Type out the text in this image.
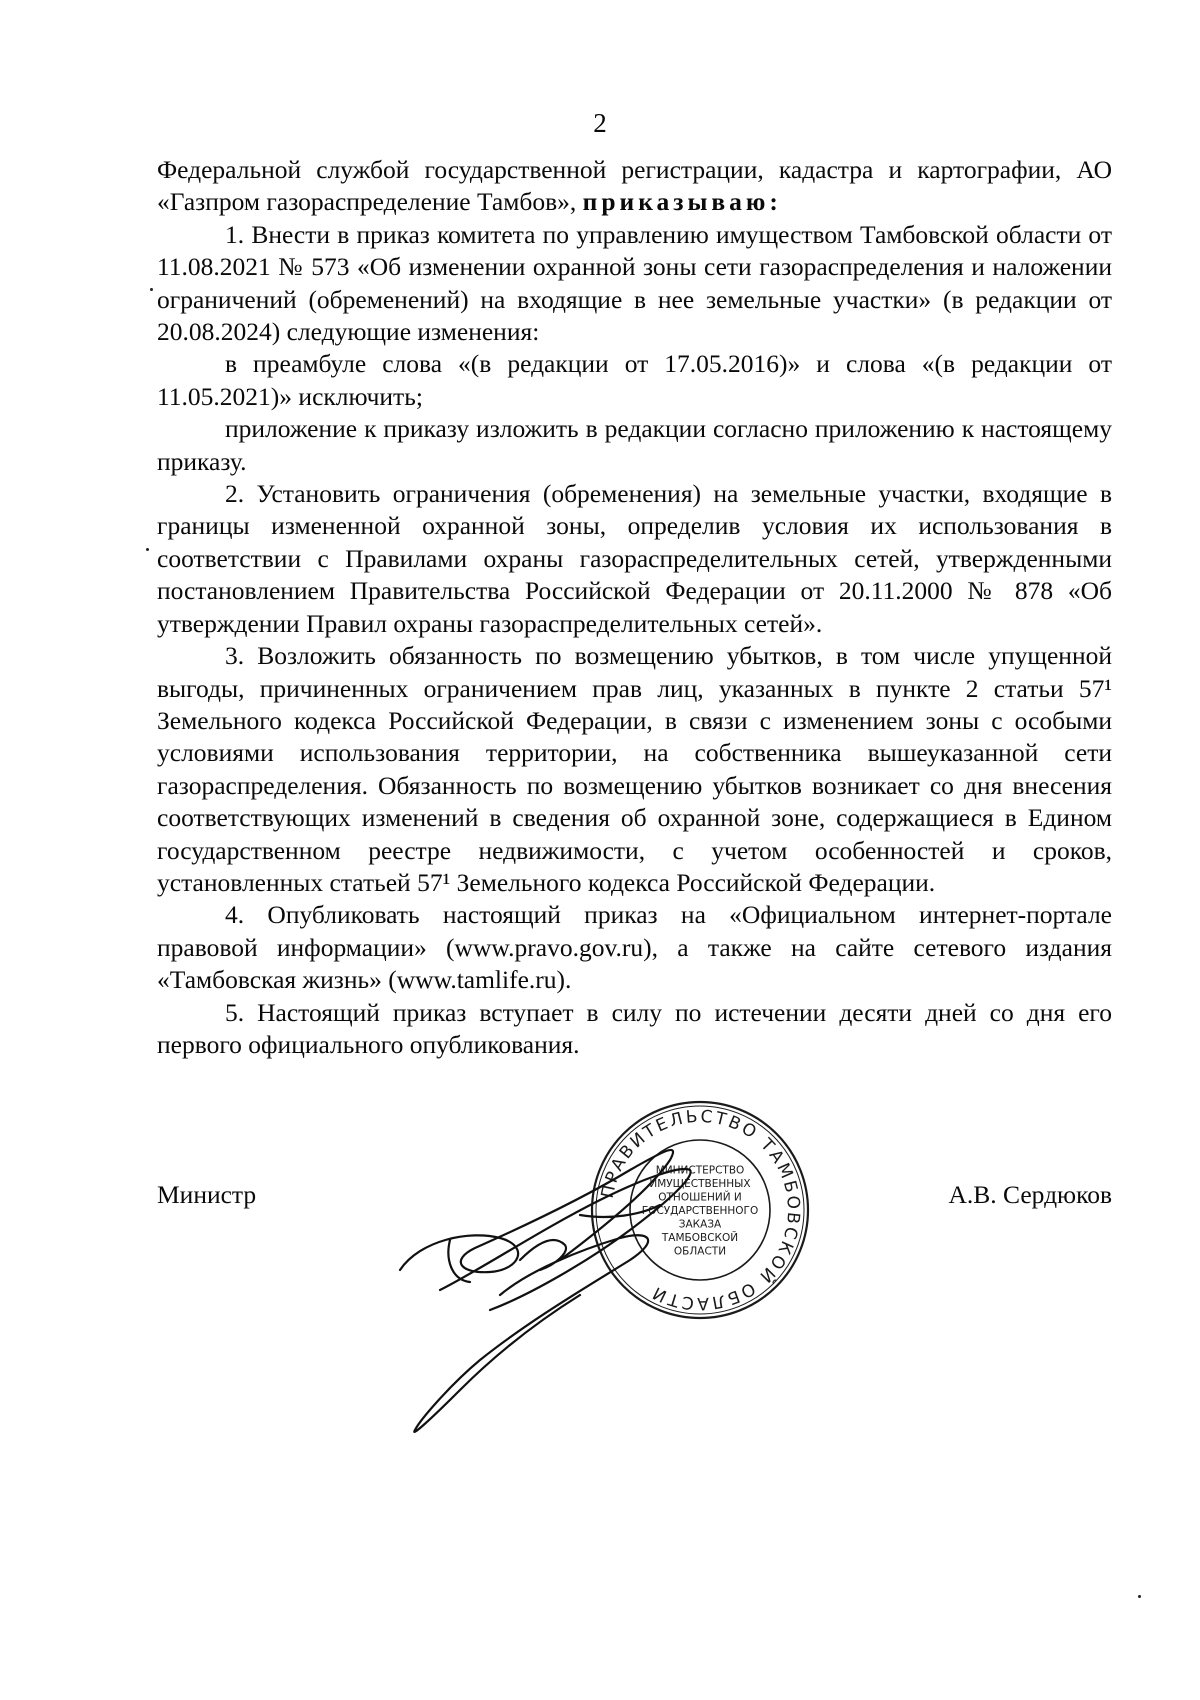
2

Федеральной службой государственной регистрации, кадастра и картографии, АО «Газпром газораспределение Тамбов», приказываю:

1. Внести в приказ комитета по управлению имуществом Тамбовской области от 11.08.2021 № 573 «Об изменении охранной зоны сети газораспределения и наложении ограничений (обременений) на входящие в нее земельные участки» (в редакции от 20.08.2024) следующие изменения:

в преамбуле слова «(в редакции от 17.05.2016)» и слова «(в редакции от 11.05.2021)» исключить;

приложение к приказу изложить в редакции согласно приложению к настоящему приказу.

2. Установить ограничения (обременения) на земельные участки, входящие в границы измененной охранной зоны, определив условия их использования в соответствии с Правилами охраны газораспределительных сетей, утвержденными постановлением Правительства Российской Федерации от 20.11.2000 № 878 «Об утверждении Правил охраны газораспределительных сетей».

3. Возложить обязанность по возмещению убытков, в том числе упущенной выгоды, причиненных ограничением прав лиц, указанных в пункте 2 статьи 57¹ Земельного кодекса Российской Федерации, в связи с изменением зоны с особыми условиями использования территории, на собственника вышеуказанной сети газораспределения. Обязанность по возмещению убытков возникает со дня внесения соответствующих изменений в сведения об охранной зоне, содержащиеся в Едином государственном реестре недвижимости, с учетом особенностей и сроков, установленных статьей 57¹ Земельного кодекса Российской Федерации.

4. Опубликовать настоящий приказ на «Официальном интернет-портале правовой информации» (www.pravo.gov.ru), а также на сайте сетевого издания «Тамбовская жизнь» (www.tamlife.ru).

5. Настоящий приказ вступает в силу по истечении десяти дней со дня его первого официального опубликования.

Министр	А.В. Сердюков
ПРАВИТЕЛЬСТВО ТАМБОВСКОЙ ОБЛАСТИ
МИНИСТЕРСТВО
ИМУЩЕСТВЕННЫХ
ОТНОШЕНИЙ И
ГОСУДАРСТВЕННОГО
ЗАКАЗА
ТАМБОВСКОЙ
ОБЛАСТИ
